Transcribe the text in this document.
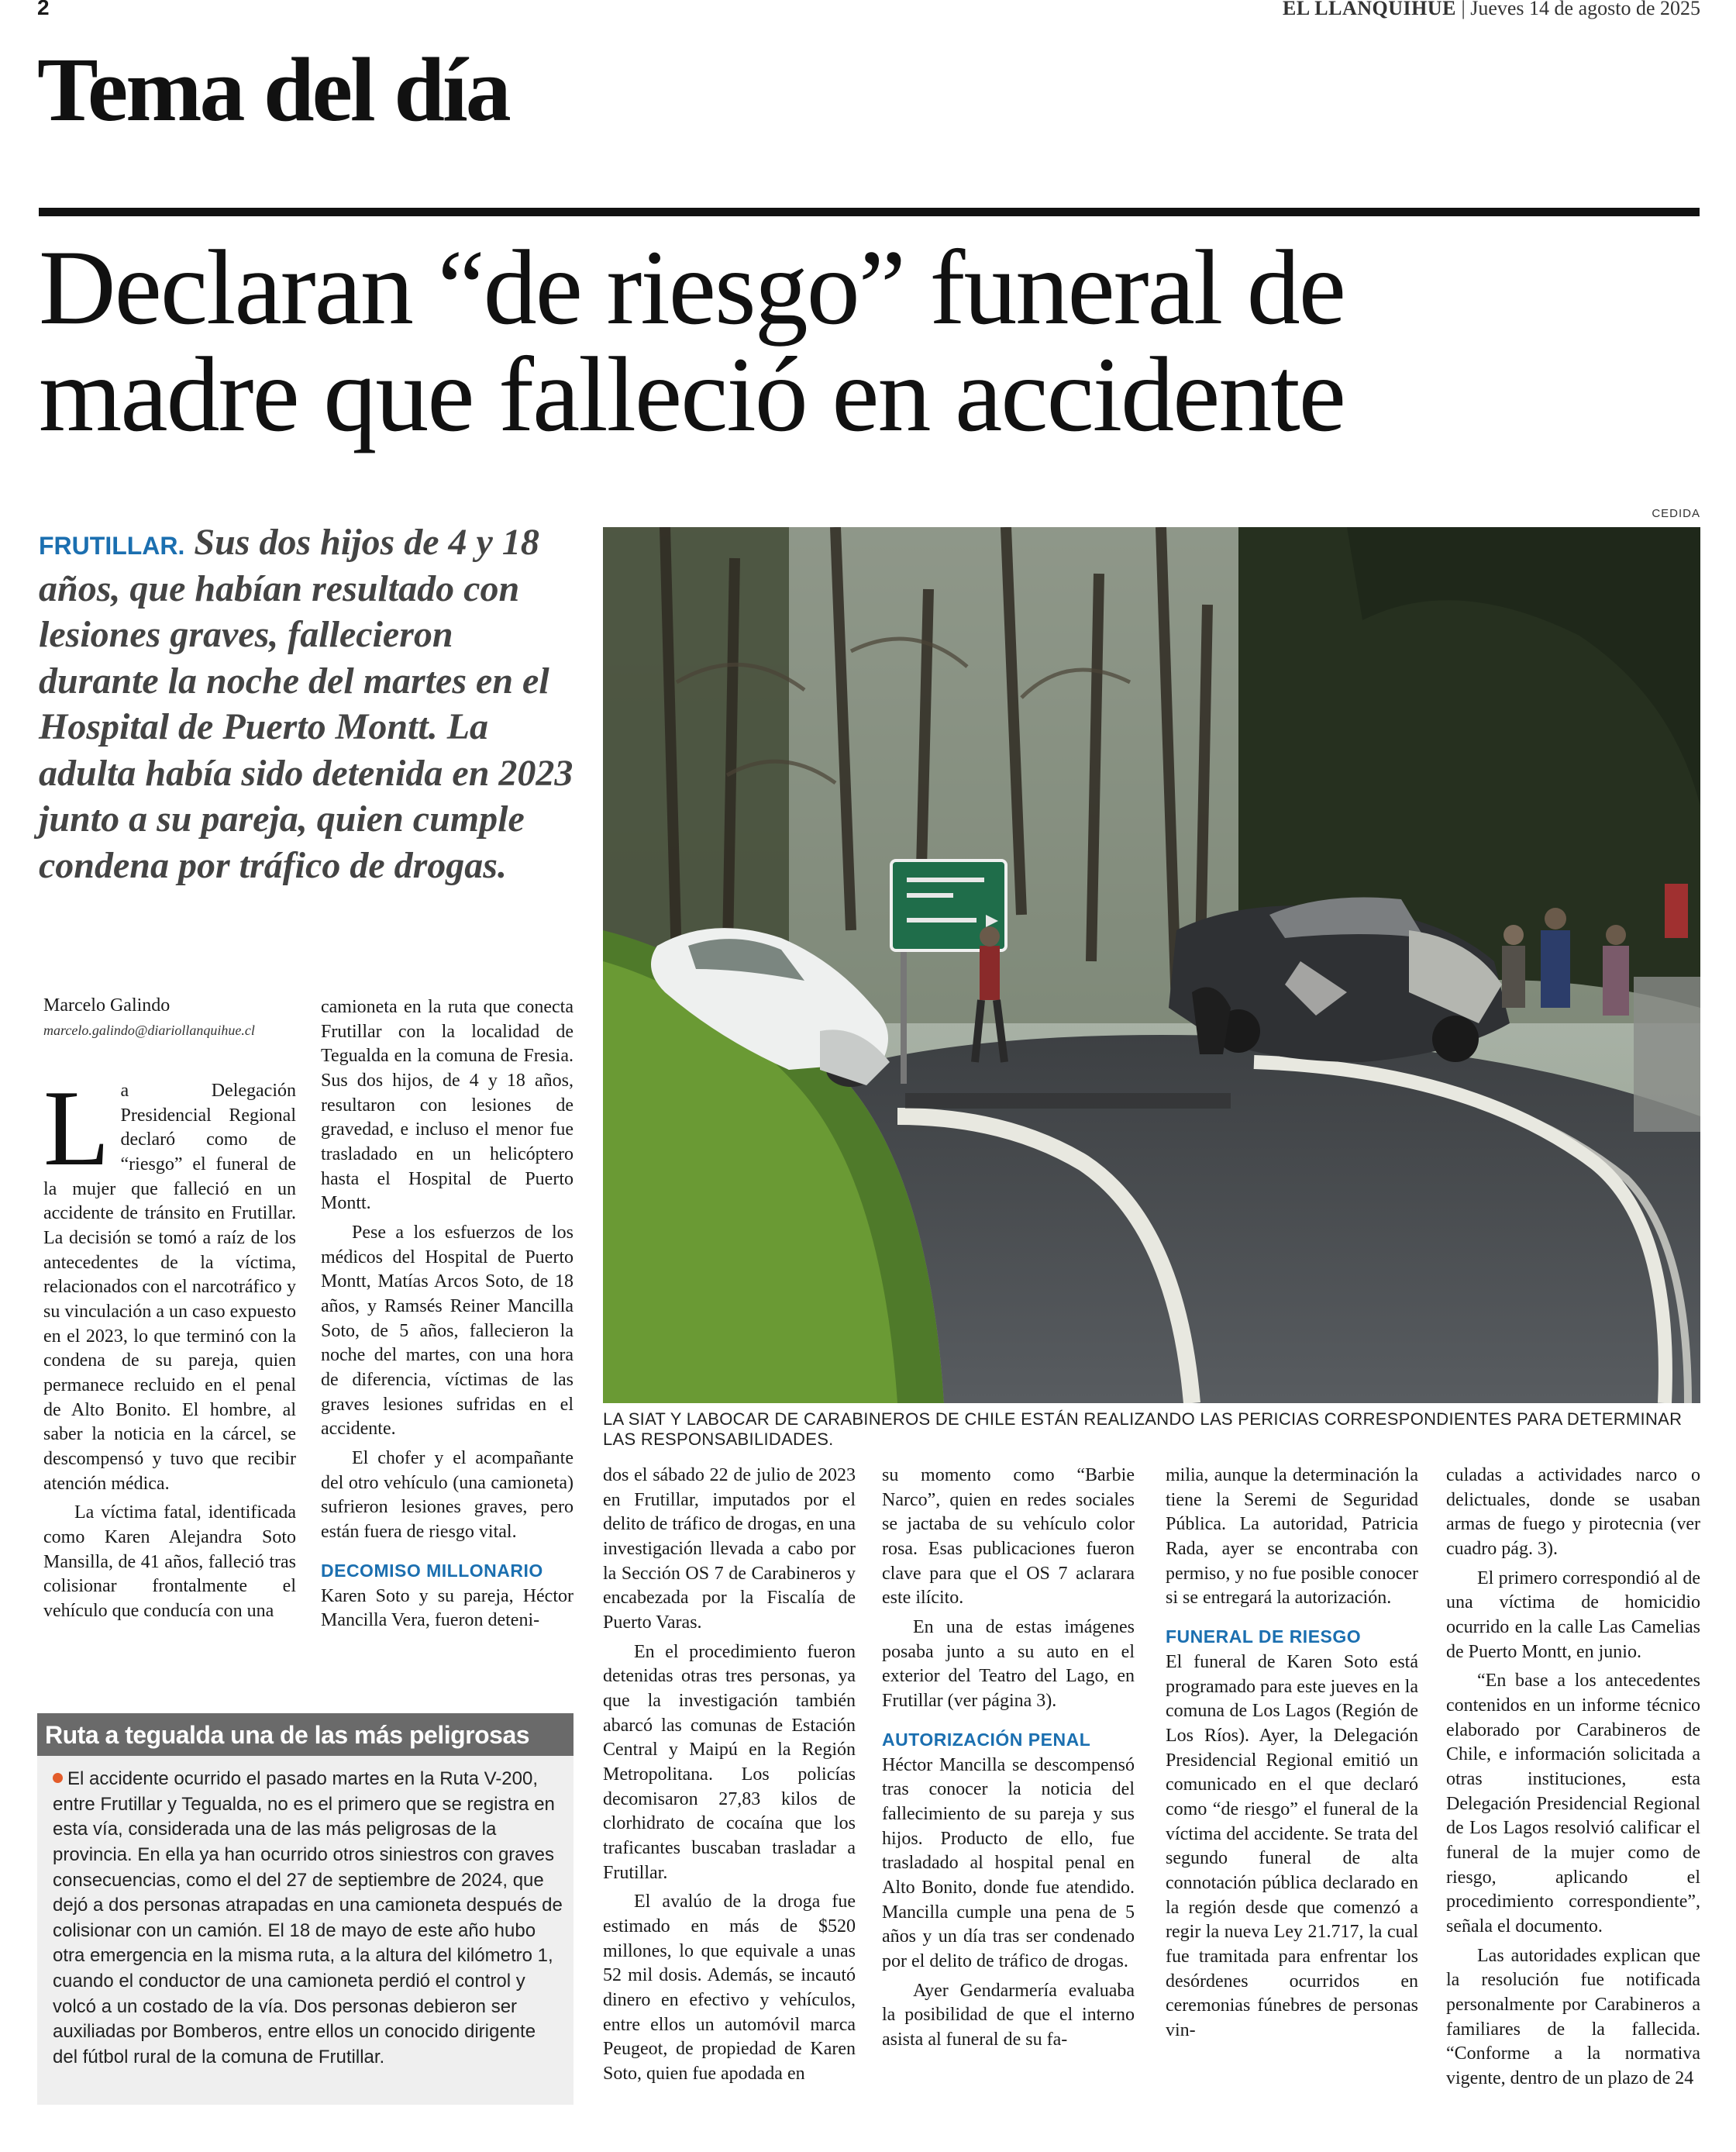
2	EL LLANQUIHUE | Jueves 14 de agosto de 2025
Tema del día
Declaran “de riesgo” funeral de
madre que falleció en accidente
FRUTILLAR. Sus dos hijos de 4 y 18 años, que habían resultado con lesiones graves, fallecieron durante la noche del martes en el Hospital de Puerto Montt. La adulta había sido detenida en 2023 junto a su pareja, quien cumple condena por tráfico de drogas.
CEDIDA
LA SIAT Y LABOCAR DE CARABINEROS DE CHILE ESTÁN REALIZANDO LAS PERICIAS CORRESPONDIENTES PARA DETERMINAR LAS RESPONSABILIDADES.
Marcelo Galindo
marcelo.galindo@diariollanquihue.cl

La Delegación Presidencial Regional declaró como de “riesgo” el funeral de la mujer que falleció en un accidente de tránsito en Frutillar. La decisión se tomó a raíz de los antecedentes de la víctima, relacionados con el narcotráfico y su vinculación a un caso expuesto en el 2023, lo que terminó con la condena de su pareja, quien permanece recluido en el penal de Alto Bonito. El hombre, al saber la noticia en la cárcel, se descompensó y tuvo que recibir atención médica.

La víctima fatal, identificada como Karen Alejandra Soto Mansilla, de 41 años, falleció tras colisionar frontalmente el vehículo que conducía con una

camioneta en la ruta que conecta Frutillar con la localidad de Tegualda en la comuna de Fresia. Sus dos hijos, de 4 y 18 años, resultaron con lesiones de gravedad, e incluso el menor fue trasladado en un helicóptero hasta el Hospital de Puerto Montt.

Pese a los esfuerzos de los médicos del Hospital de Puerto Montt, Matías Arcos Soto, de 18 años, y Ramsés Reiner Mancilla Soto, de 5 años, fallecieron la noche del martes, con una hora de diferencia, víctimas de las graves lesiones sufridas en el accidente.

El chofer y el acompañante del otro vehículo (una camioneta) sufrieron lesiones graves, pero están fuera de riesgo vital.

DECOMISO MILLONARIO

Karen Soto y su pareja, Héctor Mancilla Vera, fueron deteni-

dos el sábado 22 de julio de 2023 en Frutillar, imputados por el delito de tráfico de drogas, en una investigación llevada a cabo por la Sección OS 7 de Carabineros y encabezada por la Fiscalía de Puerto Varas.

En el procedimiento fueron detenidas otras tres personas, ya que la investigación también abarcó las comunas de Estación Central y Maipú en la Región Metropolitana. Los policías decomisaron 27,83 kilos de clorhidrato de cocaína que los traficantes buscaban trasladar a Frutillar.

El avalúo de la droga fue estimado en más de $520 millones, lo que equivale a unas 52 mil dosis. Además, se incautó dinero en efectivo y vehículos, entre ellos un automóvil marca Peugeot, de propiedad de Karen Soto, quien fue apodada en

su momento como “Barbie Narco”, quien en redes sociales se jactaba de su vehículo color rosa. Esas publicaciones fueron clave para que el OS 7 aclarara este ilícito.

En una de estas imágenes posaba junto a su auto en el exterior del Teatro del Lago, en Frutillar (ver página 3).

AUTORIZACIÓN PENAL

Héctor Mancilla se descompensó tras conocer la noticia del fallecimiento de su pareja y sus hijos. Producto de ello, fue trasladado al hospital penal en Alto Bonito, donde fue atendido. Mancilla cumple una pena de 5 años y un día tras ser condenado por el delito de tráfico de drogas.

Ayer Gendarmería evaluaba la posibilidad de que el interno asista al funeral de su fa-

milia, aunque la determinación la tiene la Seremi de Seguridad Pública. La autoridad, Patricia Rada, ayer se encontraba con permiso, y no fue posible conocer si se entregará la autorización.

FUNERAL DE RIESGO

El funeral de Karen Soto está programado para este jueves en la comuna de Los Lagos (Región de Los Ríos). Ayer, la Delegación Presidencial Regional emitió un comunicado en el que declaró como “de riesgo” el funeral de la víctima del accidente. Se trata del segundo funeral de alta connotación pública declarado en la región desde que comenzó a regir la nueva Ley 21.717, la cual fue tramitada para enfrentar los desórdenes ocurridos en ceremonias fúnebres de personas vin-

culadas a actividades narco o delictuales, donde se usaban armas de fuego y pirotecnia (ver cuadro pág. 3).

El primero correspondió al de una víctima de homicidio ocurrido en la calle Las Camelias de Puerto Montt, en junio.

“En base a los antecedentes contenidos en un informe técnico elaborado por Carabineros de Chile, e información solicitada a otras instituciones, esta Delegación Presidencial Regional de Los Lagos resolvió calificar el funeral de la mujer como de riesgo, aplicando el procedimiento correspondiente”, señala el documento.

Las autoridades explican que la resolución fue notificada personalmente por Carabineros a familiares de la fallecida. “Conforme a la normativa vigente, dentro de un plazo de 24

Ruta a tegualda una de las más peligrosas
El accidente ocurrido el pasado martes en la Ruta V-200, entre Frutillar y Tegualda, no es el primero que se registra en esta vía, considerada una de las más peligrosas de la provincia. En ella ya han ocurrido otros siniestros con graves consecuencias, como el del 27 de septiembre de 2024, que dejó a dos personas atrapadas en una camioneta después de colisionar con un camión. El 18 de mayo de este año hubo otra emergencia en la misma ruta, a la altura del kilómetro 1, cuando el conductor de una camioneta perdió el control y volcó a un costado de la vía. Dos personas debieron ser auxiliadas por Bomberos, entre ellos un conocido dirigente del fútbol rural de la comuna de Frutillar.
